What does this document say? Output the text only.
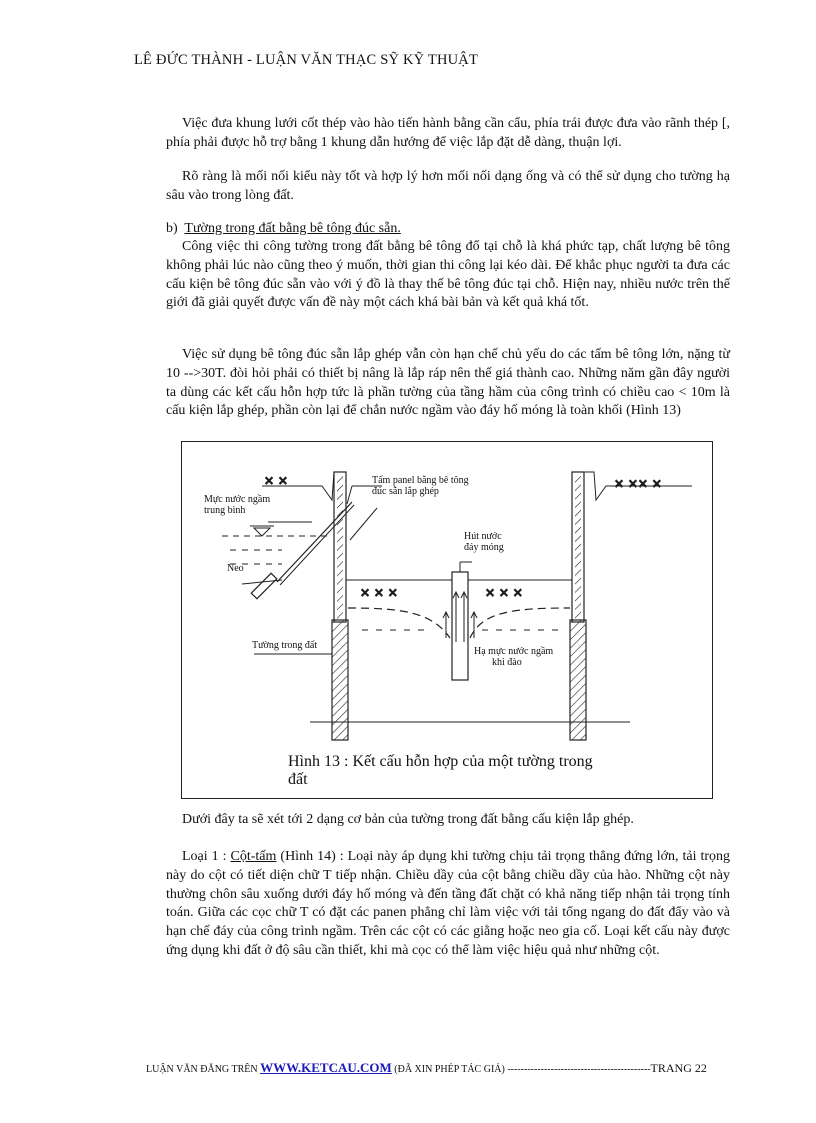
LÊ ĐỨC THÀNH - LUẬN VĂN THẠC SỸ KỸ THUẬT
Việc đưa khung lưới cốt thép vào hào tiến hành bằng cần cẩu, phía trái được đưa vào rãnh thép [, phía phải được hỗ trợ bằng 1 khung dẫn hướng để việc lắp đặt dễ dàng, thuận lợi.
Rõ ràng là mối nối kiểu này tốt và hợp lý hơn mối nối dạng ống và có thể sử dụng cho tường hạ sâu vào trong lòng đất.
b) Tường trong đất bằng bê tông đúc sẵn.
Công việc thi công tường trong đất bằng bê tông đổ tại chỗ là khá phức tạp, chất lượng bê tông không phải lúc nào cũng theo ý muốn, thời gian thi công lại kéo dài. Để khắc phục người ta đưa các cấu kiện bê tông đúc sẵn vào với ý đồ là thay thế bê tông đúc tại chỗ. Hiện nay, nhiều nước trên thế giới đã giải quyết được vấn đề này một cách khá bài bản và kết quả khá tốt.
Việc sử dụng bê tông đúc sẵn lắp ghép vẫn còn hạn chế chủ yếu do các tấm bê tông lớn, nặng từ 10 -->30T. đòi hỏi phải có thiết bị nâng là lắp ráp nên thế giá thành cao. Những năm gần đây người ta dùng các kết cấu hỗn hợp tức là phần tường của tầng hầm của công trình có chiều cao < 10m là cấu kiện lắp ghép, phần còn lại để chắn nước ngầm vào đáy hố móng là toàn khối (Hình 13)
✕ ✕	✕ ✕✕ ✕
✕ ✕ ✕	✕ ✕ ✕
Tấm panel bằng bê tông
đúc sẵn lắp ghép
Mực nước ngầm
trung bình
Hút nước
đáy móng
Neo
Tường trong đất
Hạ mực nước ngầm
khi đào
Hình 13 : Kết cấu hỗn hợp của một tường trong đất
Dưới đây ta sẽ xét tới 2 dạng cơ bản của tường trong đất bằng cấu kiện lắp ghép.
Loại 1 : Cột-tấm (Hình 14) : Loại này áp dụng khi tường chịu tải trọng thẳng đứng lớn, tải trọng này do cột có tiết diện chữ T tiếp nhận. Chiều dầy của cột bằng chiều dầy của hào. Những cột này thường chôn sâu xuống dưới đáy hố móng và đến tầng đất chặt có khả năng tiếp nhận tải trọng tính toán. Giữa các cọc chữ T có đặt các panen phẳng chỉ làm việc với tải tổng ngang do đất đẩy vào và hạn chế đáy của công trình ngầm. Trên các cột có các giằng hoặc neo gia cố. Loại kết cấu này được ứng dụng khi đất ở độ sâu cần thiết, khi mà cọc có thể làm việc hiệu quả như những cột.
LUẬN VĂN ĐĂNG TRÊN WWW.KETCAU.COM (ĐÃ XIN PHÉP TÁC GIẢ) -------------------------------------------TRANG 22
